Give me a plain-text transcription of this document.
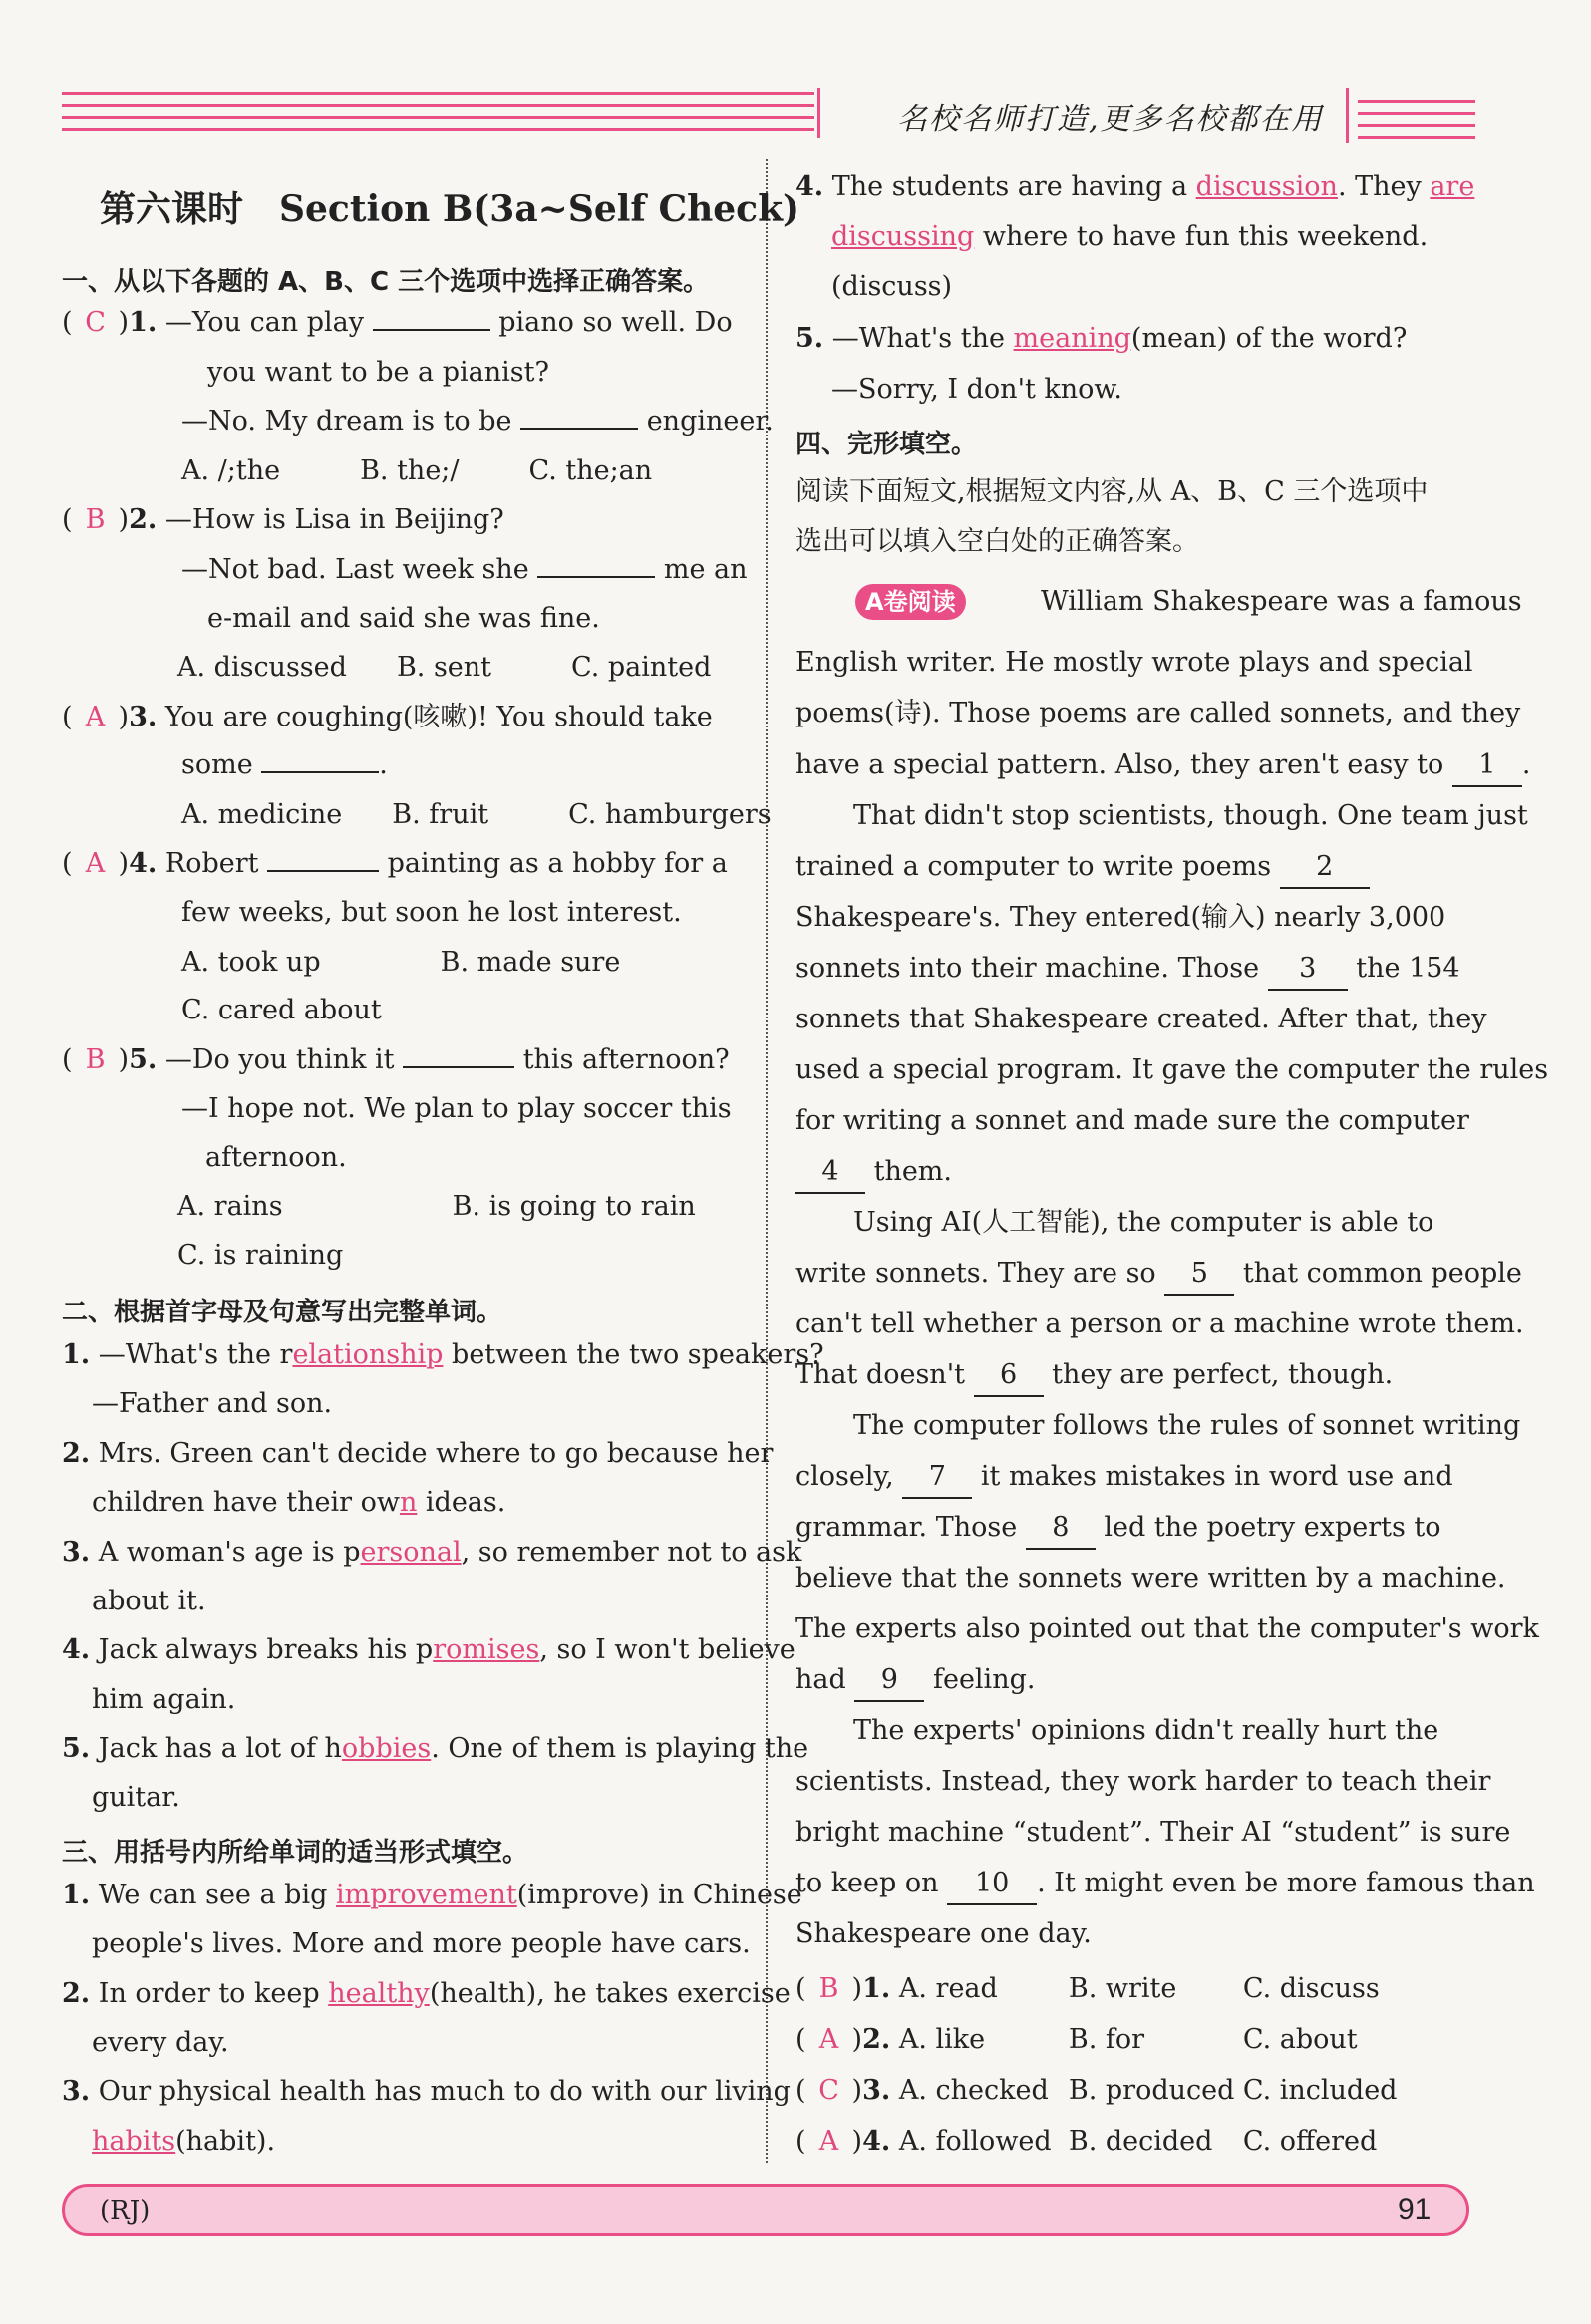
名校名师打造,更多名校都在用
第六课时　Section B(3a~Self Check)
一、从以下各题的 A、B、C 三个选项中选择正确答案。
( C )1. —You can play	piano so well. Do
you want to be a pianist?
—No. My dream is to be	engineer.
A. /;the	B. the;/	C. the;an
( B )2. —How is Lisa in Beijing?
—Not bad. Last week she	me an
e-mail and said she was fine.
A. discussed B. sent	C. painted
( A )3. You are coughing(咳嗽)! You should take
some	.
A. medicine B. fruit	C. hamburgers
( A )4. Robert	painting as a hobby for a
few weeks, but soon he lost interest.
A. took up	B. made sure
C. cared about
( B )5. —Do you think it	this afternoon?
—I hope not. We plan to play soccer this
afternoon.
A. rains	B. is going to rain
C. is raining
二、根据首字母及句意写出完整单词。
1. —What's the relationship between the two speakers?
—Father and son.
2. Mrs. Green can't decide where to go because her
children have their own ideas.
3. A woman's age is personal, so remember not to ask
about it.
4. Jack always breaks his promises, so I won't believe
him again.
5. Jack has a lot of hobbies. One of them is playing the
guitar.
三、用括号内所给单词的适当形式填空。
1. We can see a big improvement(improve) in Chinese
people's lives. More and more people have cars.
2. In order to keep healthy(health), he takes exercise
every day.
3. Our physical health has much to do with our living
habits(habit).
4. The students are having a discussion. They are
discussing where to have fun this weekend.
(discuss)
5. —What's the meaning(mean) of the word?
—Sorry, I don't know.
四、完形填空。
阅读下面短文,根据短文内容,从 A、B、C 三个选项中
选出可以填入空白处的正确答案。
A卷阅读	William Shakespeare was a famous
English writer. He mostly wrote plays and special
poems(诗). Those poems are called sonnets, and they
have a special pattern. Also, they aren't easy to 1 .
That didn't stop scientists, though. One team just
trained a computer to write poems 2
Shakespeare's. They entered(输入) nearly 3,000
sonnets into their machine. Those 3 the 154
sonnets that Shakespeare created. After that, they
used a special program. It gave the computer the rules
for writing a sonnet and made sure the computer
4 them.
Using AI(人工智能), the computer is able to
write sonnets. They are so 5 that common people
can't tell whether a person or a machine wrote them.
That doesn't 6 they are perfect, though.
The computer follows the rules of sonnet writing
closely, 7 it makes mistakes in word use and
grammar. Those 8 led the poetry experts to
believe that the sonnets were written by a machine.
The experts also pointed out that the computer's work
had 9 feeling.
The experts' opinions didn't really hurt the
scientists. Instead, they work harder to teach their
bright machine “student”. Their AI “student” is sure
to keep on 10 . It might even be more famous than
Shakespeare one day.
( B )1. A. read	B. write C. discuss
( A )2. A. like	B. for	C. about
( C )3. A. checked B. produced C. included
( A )4. A. followed B. decided C. offered
(RJ)	91
